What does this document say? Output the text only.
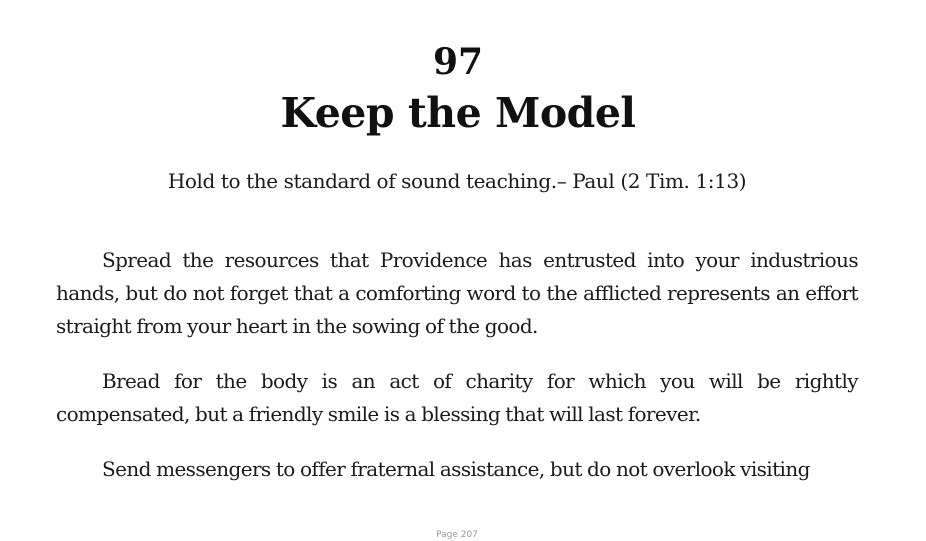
97
Keep the Model
Hold to the standard of sound teaching.– Paul (2 Tim. 1:13)

Spread the resources that Providence has entrusted into your industrious hands, but do not forget that a comforting word to the afflicted represents an effort straight from your heart in the sowing of the good.

Bread for the body is an act of charity for which you will be rightly compensated, but a friendly smile is a blessing that will last forever.

Send messengers to offer fraternal assistance, but do not overlook visiting

Page 207
